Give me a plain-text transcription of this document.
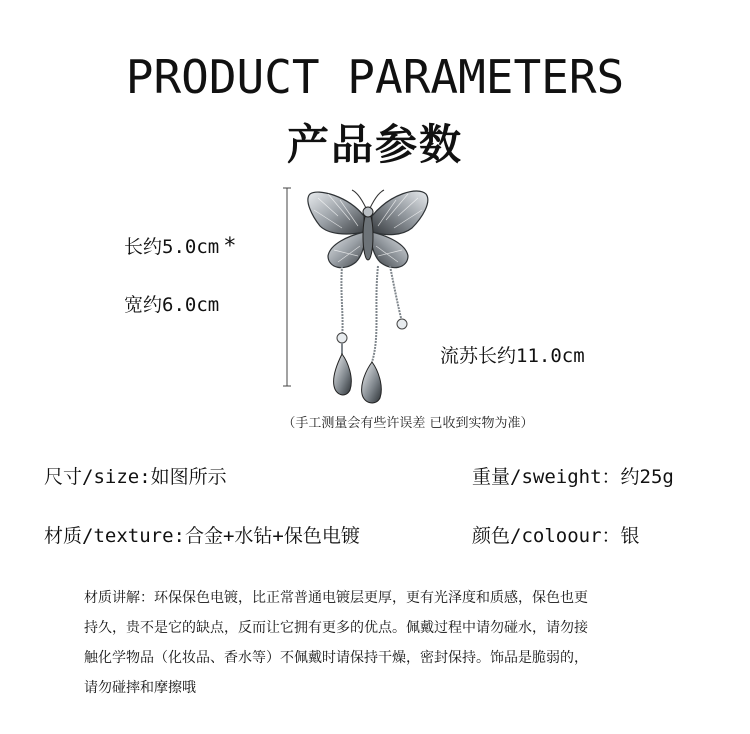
PRODUCT PARAMETERS
产品参数
长约5.0cm *
宽约6.0cm
流苏长约11.0cm
（手工测量会有些许误差 已收到实物为准）
尺寸/size:如图所示	重量/sweight：约25g
材质/texture:合金+水钻+保色电镀	颜色/coloour：银
材质讲解：环保保色电镀，比正常普通电镀层更厚，更有光泽度和质感，保色也更
持久，贵不是它的缺点，反而让它拥有更多的优点。佩戴过程中请勿碰水，请勿接
触化学物品（化妆品、香水等）不佩戴时请保持干燥，密封保持。饰品是脆弱的，
请勿碰摔和摩擦哦
